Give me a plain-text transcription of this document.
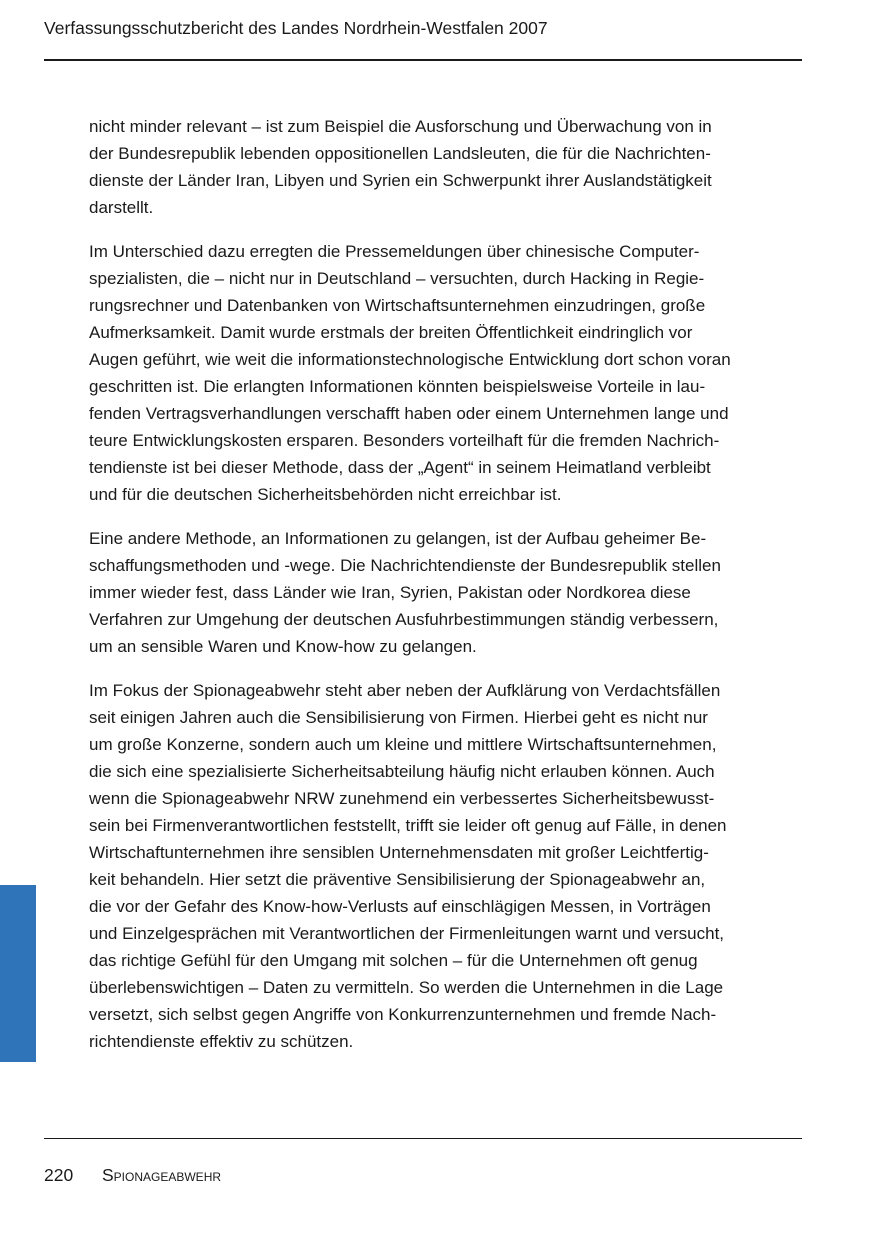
Verfassungsschutzbericht des Landes Nordrhein-Westfalen 2007

nicht minder relevant – ist zum Beispiel die Ausforschung und Überwachung von in
der Bundesrepublik lebenden oppositionellen Landsleuten, die für die Nachrichten-
dienste der Länder Iran, Libyen und Syrien ein Schwerpunkt ihrer Auslandstätigkeit
darstellt.

Im Unterschied dazu erregten die Pressemeldungen über chinesische Computer-
spezialisten, die – nicht nur in Deutschland – versuchten, durch Hacking in Regie-
rungsrechner und Datenbanken von Wirtschaftsunternehmen einzudringen, große
Aufmerksamkeit. Damit wurde erstmals der breiten Öffentlichkeit eindringlich vor
Augen geführt, wie weit die informationstechnologische Entwicklung dort schon voran
geschritten ist. Die erlangten Informationen könnten beispielsweise Vorteile in lau-
fenden Vertragsverhandlungen verschafft haben oder einem Unternehmen lange und
teure Entwicklungskosten ersparen. Besonders vorteilhaft für die fremden Nachrich-
tendienste ist bei dieser Methode, dass der „Agent“ in seinem Heimatland verbleibt
und für die deutschen Sicherheitsbehörden nicht erreichbar ist.

Eine andere Methode, an Informationen zu gelangen, ist der Aufbau geheimer Be-
schaffungsmethoden und -wege. Die Nachrichtendienste der Bundesrepublik stellen
immer wieder fest, dass Länder wie Iran, Syrien, Pakistan oder Nordkorea diese
Verfahren zur Umgehung der deutschen Ausfuhrbestimmungen ständig verbessern,
um an sensible Waren und Know-how zu gelangen.

Im Fokus der Spionageabwehr steht aber neben der Aufklärung von Verdachtsfällen
seit einigen Jahren auch die Sensibilisierung von Firmen. Hierbei geht es nicht nur
um große Konzerne, sondern auch um kleine und mittlere Wirtschaftsunternehmen,
die sich eine spezialisierte Sicherheitsabteilung häufig nicht erlauben können. Auch
wenn die Spionageabwehr NRW zunehmend ein verbessertes Sicherheitsbewusst-
sein bei Firmenverantwortlichen feststellt, trifft sie leider oft genug auf Fälle, in denen
Wirtschaftunternehmen ihre sensiblen Unternehmensdaten mit großer Leichtfertig-
keit behandeln. Hier setzt die präventive Sensibilisierung der Spionageabwehr an,
die vor der Gefahr des Know-how-Verlusts auf einschlägigen Messen, in Vorträgen
und Einzelgesprächen mit Verantwortlichen der Firmenleitungen warnt und versucht,
das richtige Gefühl für den Umgang mit solchen – für die Unternehmen oft genug
überlebenswichtigen – Daten zu vermitteln. So werden die Unternehmen in die Lage
versetzt, sich selbst gegen Angriffe von Konkurrenzunternehmen und fremde Nach-
richtendienste effektiv zu schützen.

220 Spionageabwehr
